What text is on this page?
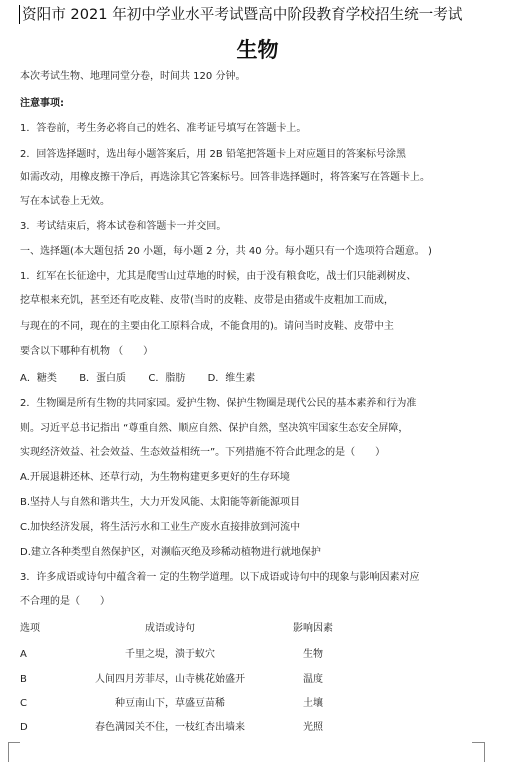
资阳市 2021 年初中学业水平考试暨高中阶段教育学校招生统一考试
生物
本次考试生物、地理同堂分卷，时间共 120 分钟。
注意事项:
1．答卷前，考生务必将自己的姓名、准考证号填写在答题卡上。
2．回答选择题时，选出每小题答案后，用 2B 铅笔把答题卡上对应题目的答案标号涂黑
如需改动，用橡皮擦干净后，再选涂其它答案标号。回答非选择题时，将答案写在答题卡上。
写在本试卷上无效。
3．考试结束后，将本试卷和答题卡一并交回。
一、选择题(本大题包括 20 小题，每小题 2 分，共 40 分。每小题只有一个选项符合题意。 )
1．红军在长征途中，尤其是爬雪山过草地的时候，由于没有粮食吃，战士们只能剥树皮、
挖草根来充饥，甚至还有吃皮鞋、皮带(当时的皮鞋、皮带是由猪或牛皮粗加工而成，
与现在的不同，现在的主要由化工原料合成，不能食用的)。请问当时皮鞋、皮带中主
要含以下哪种有机物 （　　）
A．糖类 B．蛋白质 C．脂肪 D．维生素
2．生物圈是所有生物的共同家园。爱护生物、保护生物圈是现代公民的基本素养和行为准
则。习近平总书记指出 “尊重自然、顺应自然、保护自然，坚决筑牢国家生态安全屏障，
实现经济效益、社会效益、生态效益相统一”。下列措施不符合此理念的是（　　）
A.开展退耕还林、还草行动，为生物构建更多更好的生存环境
B.坚持人与自然和谐共生，大力开发风能、太阳能等新能源项目
C.加快经济发展，将生活污水和工业生产废水直接排放到河流中
D.建立各种类型自然保护区，对濒临灭绝及珍稀动植物进行就地保护
3．许多成语或诗句中蕴含着一 定的生物学道理。以下成语或诗句中的现象与影响因素对应
不合理的是（　　）
选项	成语或诗句	影响因素
A	千里之堤，溃于蚁穴	生物
B	人间四月芳菲尽，山寺桃花始盛开	温度
C	种豆南山下，草盛豆苗稀	土壤
D	春色满园关不住，一枝红杏出墙来	光照
